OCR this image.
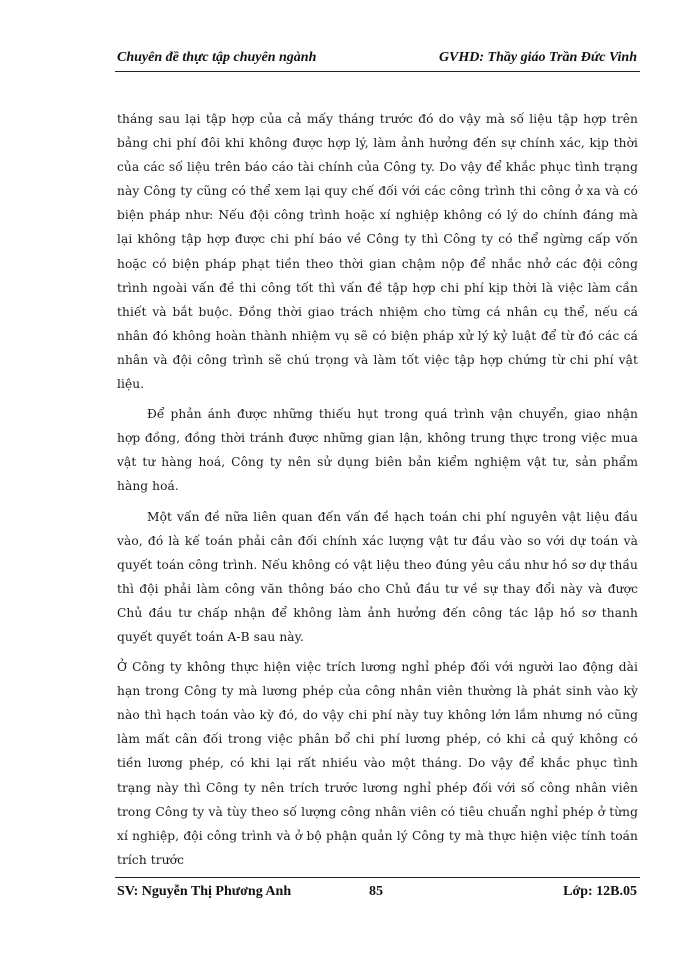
Chuyên đề thực tập chuyên ngành	GVHD: Thầy giáo Trần Đức Vinh

tháng sau lại tập hợp của cả mấy tháng trước đó do vậy mà số liệu tập hợp trên bảng chi phí đôi khi không được hợp lý, làm ảnh hưởng đến sự chính xác, kịp thời của các số liệu trên báo cáo tài chính của Công ty. Do vậy để khắc phục tình trạng này Công ty cũng có thể xem lại quy chế đối với các công trình thi công ở xa và có biện pháp như: Nếu đội công trình hoặc xí nghiệp không có lý do chính đáng mà lại không tập hợp được chi phí báo về Công ty thì Công ty có thể ngừng cấp vốn hoặc có biện pháp phạt tiền theo thời gian chậm nộp để nhắc nhở các đội công trình ngoài vấn đề thi công tốt thì vấn đề tập hợp chi phí kịp thời là việc làm cần thiết và bắt buộc. Đồng thời giao trách nhiệm cho từng cá nhân cụ thể, nếu cá nhân đó không hoàn thành nhiệm vụ sẽ có biện pháp xử lý kỷ luật để từ đó các cá nhân và đội công trình sẽ chú trọng và làm tốt việc tập hợp chứng từ chi phí vật liệu.

Để phản ánh được những thiếu hụt trong quá trình vận chuyển, giao nhận hợp đồng, đồng thời tránh được những gian lận, không trung thực trong việc mua vật tư hàng hoá, Công ty nên sử dụng biên bản kiểm nghiệm vật tư, sản phẩm hàng hoá.

Một vấn đề nữa liên quan đến vấn đề hạch toán chi phí nguyên vật liệu đầu vào, đó là kế toán phải cân đối chính xác lượng vật tư đầu vào so với dự toán và quyết toán công trình. Nếu không có vật liệu theo đúng yêu cầu như hồ sơ dự thầu thì đội phải làm công văn thông báo cho Chủ đầu tư về sự thay đổi này và được Chủ đầu tư chấp nhận để không làm ảnh hưởng đến công tác lập hồ sơ thanh quyết quyết toán A-B sau này.

Ở Công ty không thực hiện việc trích lương nghỉ phép đối với người lao động dài hạn trong Công ty mà lương phép của công nhân viên thường là phát sinh vào kỳ nào thì hạch toán vào kỳ đó, do vậy chi phí này tuy không lớn lắm nhưng nó cũng làm mất cân đối trong việc phân bổ chi phí lương phép, có khi cả quý không có tiền lương phép, có khi lại rất nhiều vào một tháng. Do vậy để khắc phục tình trạng này thì Công ty nên trích trước lương nghỉ phép đối với số công nhân viên trong Công ty và tùy theo số lượng công nhân viên có tiêu chuẩn nghỉ phép ở từng xí nghiệp, đội công trình và ở bộ phận quản lý Công ty mà thực hiện việc tính toán trích trước

SV: Nguyễn Thị Phương Anh	85	Lớp: 12B.05
